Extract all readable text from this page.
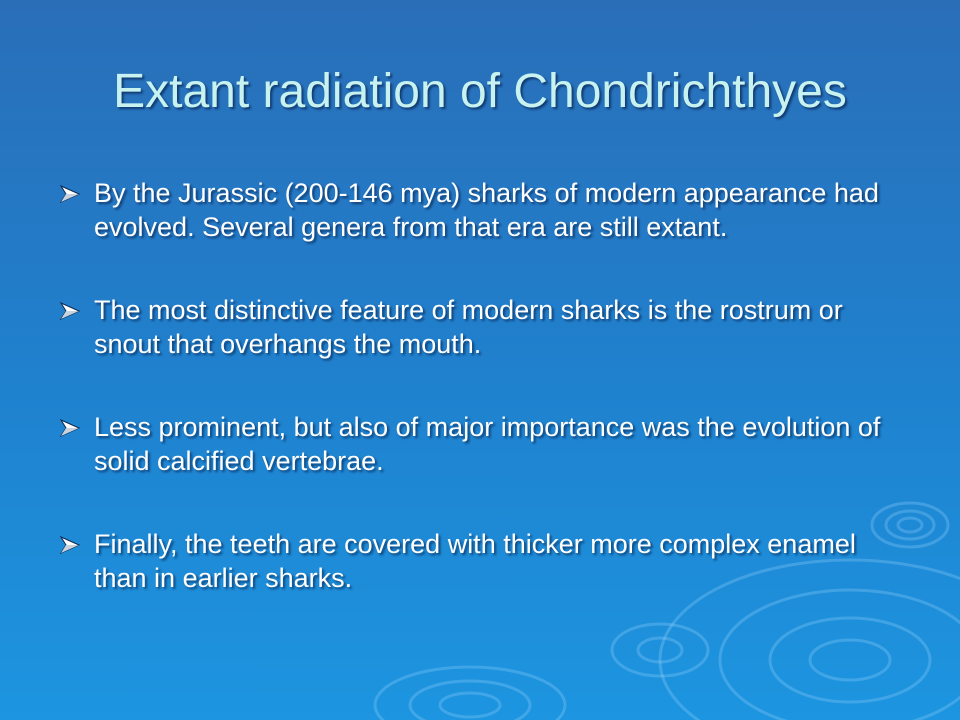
Extant radiation of Chondrichthyes
By the Jurassic (200-146 mya) sharks of modern appearance had evolved. Several genera from that era are still extant.
The most distinctive feature of modern sharks is the rostrum or snout that overhangs the mouth.
Less prominent, but also of major importance was the evolution of solid calcified vertebrae.
Finally, the teeth are covered with thicker more complex enamel than in earlier sharks.
